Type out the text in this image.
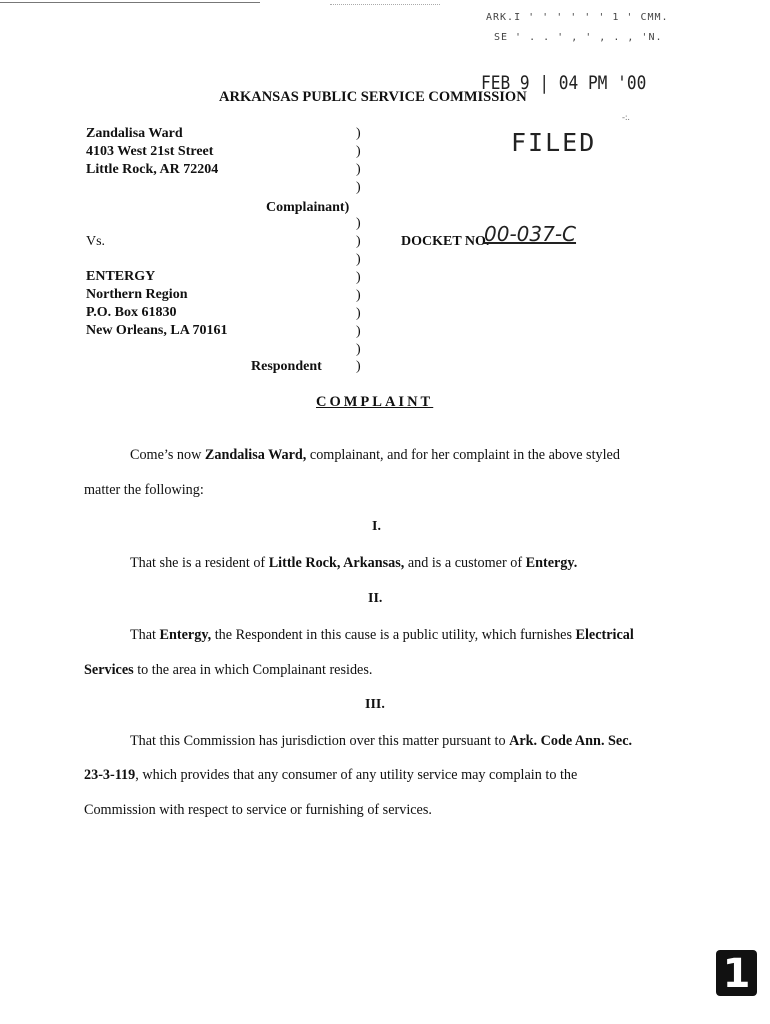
ARK.I ' ' ' ' ' ' 1 ' CMM.
SE ' . . ' , ' , . , 'N.
FEB 9 | 04 PM '00
ARKANSAS PUBLIC SERVICE COMMISSION
-:.
FILED
Zandalisa Ward
4103 West 21st Street
Little Rock, AR 72204
Complainant)
Vs.	DOCKET NO.
00-037-C
ENTERGY
Northern Region
P.O. Box 61830
New Orleans, LA 70161
Respondent
)
)
)
)
)
)
)
)
)
)
)
)
)
COMPLAINT
Come’s now Zandalisa Ward, complainant, and for her complaint in the above styled
matter the following:
I.
That she is a resident of Little Rock, Arkansas, and is a customer of Entergy.
II.
That Entergy, the Respondent in this cause is a public utility, which furnishes Electrical
Services to the area in which Complainant resides.
III.
That this Commission has jurisdiction over this matter pursuant to Ark. Code Ann. Sec.
23-3-119, which provides that any consumer of any utility service may complain to the
Commission with respect to service or furnishing of services.
1
